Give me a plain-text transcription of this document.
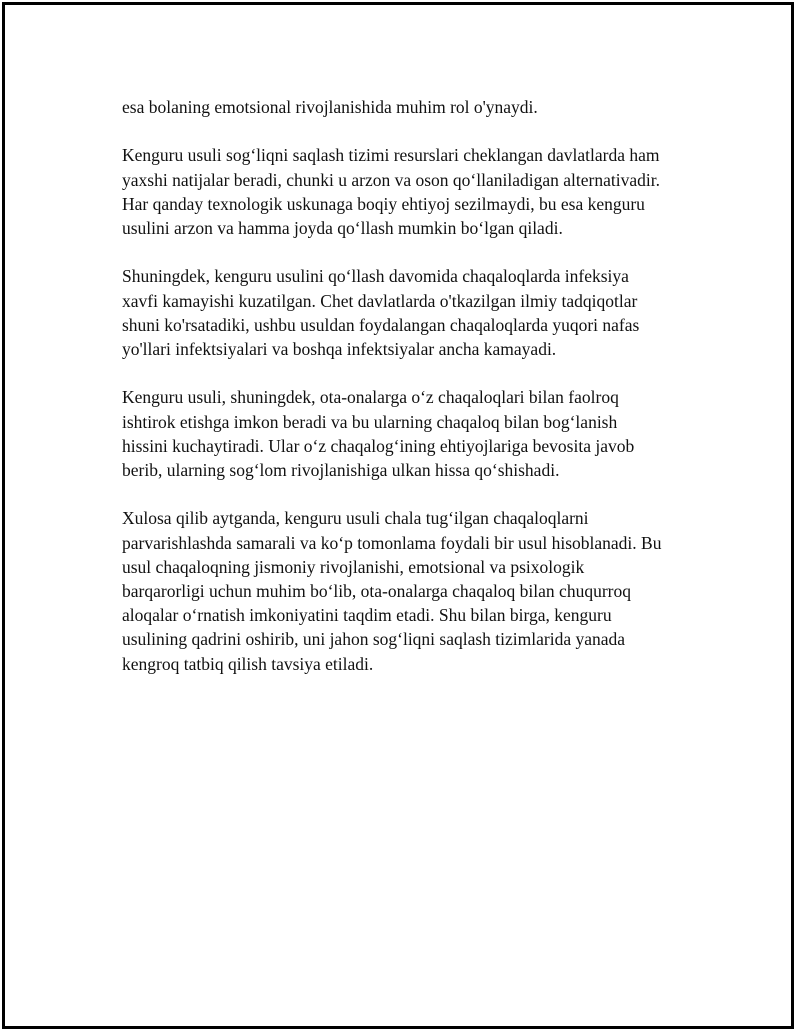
esa bolaning emotsional rivojlanishida muhim rol o'ynaydi.

Kenguru usuli sog‘liqni saqlash tizimi resurslari cheklangan davlatlarda ham
yaxshi natijalar beradi, chunki u arzon va oson qo‘llaniladigan alternativadir.
Har qanday texnologik uskunaga boqiy ehtiyoj sezilmaydi, bu esa kenguru
usulini arzon va hamma joyda qo‘llash mumkin bo‘lgan qiladi.

Shuningdek, kenguru usulini qo‘llash davomida chaqaloqlarda infeksiya
xavfi kamayishi kuzatilgan. Chet davlatlarda o'tkazilgan ilmiy tadqiqotlar
shuni ko'rsatadiki, ushbu usuldan foydalangan chaqaloqlarda yuqori nafas
yo'llari infektsiyalari va boshqa infektsiyalar ancha kamayadi.

Kenguru usuli, shuningdek, ota-onalarga o‘z chaqaloqlari bilan faolroq
ishtirok etishga imkon beradi va bu ularning chaqaloq bilan bog‘lanish
hissini kuchaytiradi. Ular o‘z chaqalog‘ining ehtiyojlariga bevosita javob
berib, ularning sog‘lom rivojlanishiga ulkan hissa qo‘shishadi.

Xulosa qilib aytganda, kenguru usuli chala tug‘ilgan chaqaloqlarni
parvarishlashda samarali va ko‘p tomonlama foydali bir usul hisoblanadi. Bu
usul chaqaloqning jismoniy rivojlanishi, emotsional va psixologik
barqarorligi uchun muhim bo‘lib, ota-onalarga chaqaloq bilan chuqurroq
aloqalar o‘rnatish imkoniyatini taqdim etadi. Shu bilan birga, kenguru
usulining qadrini oshirib, uni jahon sog‘liqni saqlash tizimlarida yanada
kengroq tatbiq qilish tavsiya etiladi.
